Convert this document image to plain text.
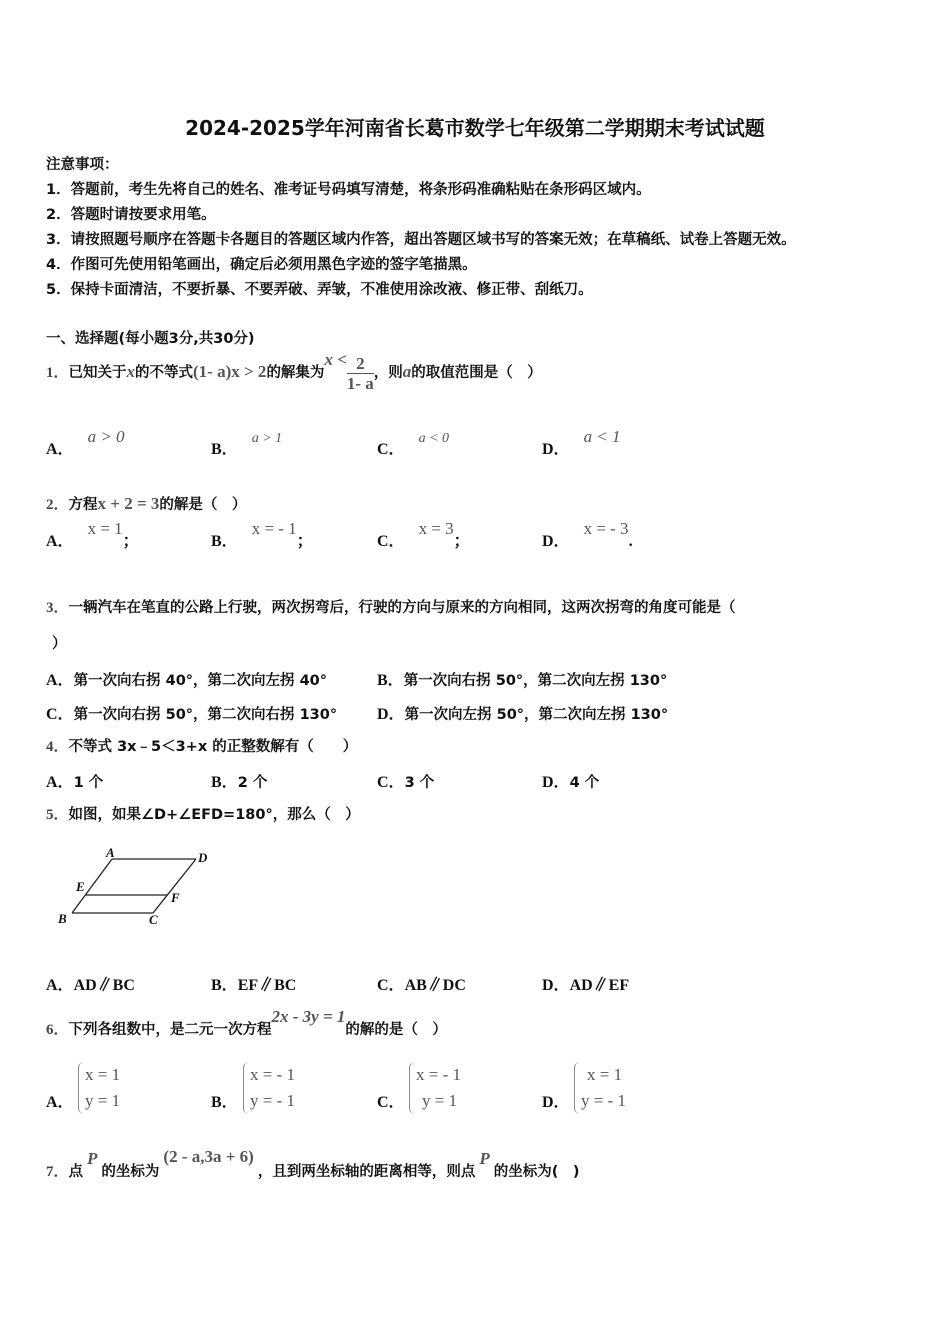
2024-2025学年河南省长葛市数学七年级第二学期期末考试试题
注意事项：
1．答题前，考生先将自己的姓名、准考证号码填写清楚，将条形码准确粘贴在条形码区域内。
2．答题时请按要求用笔。
3．请按照题号顺序在答题卡各题目的答题区域内作答，超出答题区域书写的答案无效；在草稿纸、试卷上答题无效。
4．作图可先使用铅笔画出，确定后必须用黑色字迹的签字笔描黑。
5．保持卡面清洁，不要折暴、不要弄破、弄皱，不准使用涂改液、修正带、刮纸刀。
一、选择题(每小题3分,共30分)
1．已知关于x的不等式(1- a)x > 2的解集为$x < \frac{2}{1- a}$ ，则a的取值范围是（　）
A．a > 0
B．a > 1
C．a < 0
D．a < 1
2．方程x + 2 = 3的解是（　）
A．x = 1；	B．x = - 1；	C．x = 3；	D．x = - 3.
3．一辆汽车在笔直的公路上行驶，两次拐弯后，行驶的方向与原来的方向相同，这两次拐弯的角度可能是（
）
A．第一次向右拐 40°，第二次向左拐 40°	B．第一次向右拐 50°，第二次向左拐 130°
C．第一次向右拐 50°，第二次向右拐 130° D．第一次向左拐 50°，第二次向左拐 130°
4．不等式 3x﹣5＜3+x 的正整数解有（　　）
A．1 个	B．2 个	C．3 个	D．4 个
5．如图，如果∠D+∠EFD=180°，那么（　）
A	D
E
F
B	C
A．AD∥BC	B．EF∥BC	C．AB∥DC	D．AD∥EF
6．下列各组数中，是二元一次方程2x - 3y = 1的解的是（　）
A．
x = 1
y = 1	B．
x = - 1
y = - 1	C．
x = - 1
y = 1	D．
x = 1
y = - 1
7．点P的坐标为(2 - a,3a + 6)，且到两坐标轴的距离相等，则点P的坐标为(　)
